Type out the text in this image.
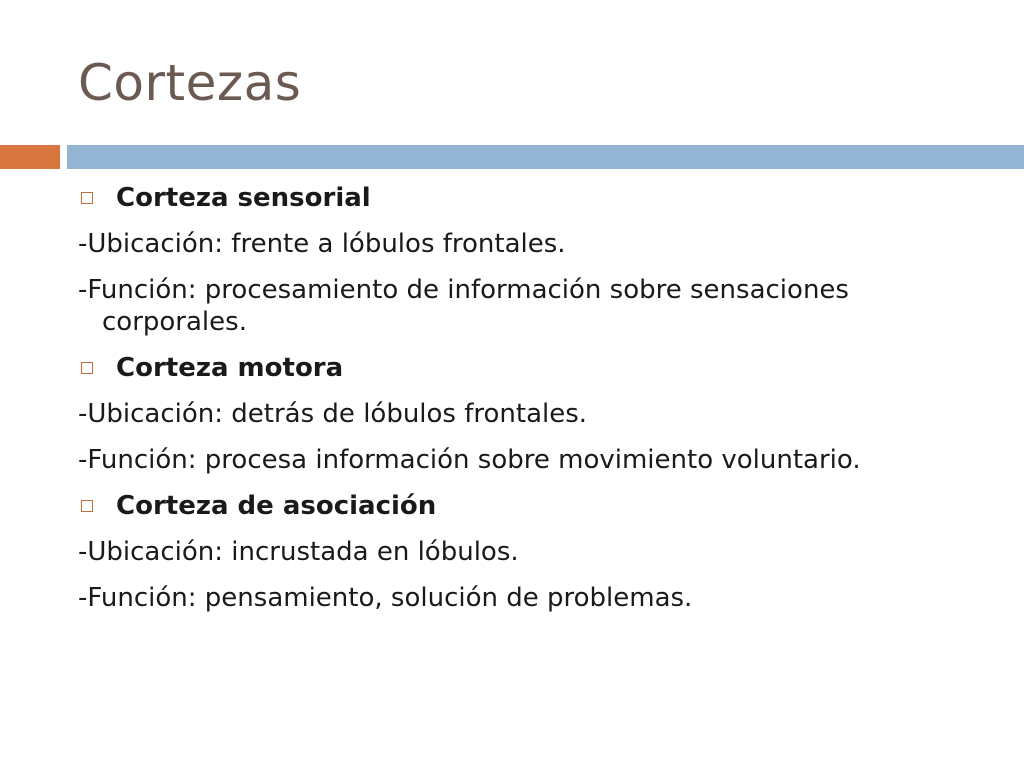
Cortezas
Corteza sensorial
-Ubicación: frente a lóbulos frontales.
-Función: procesamiento de información sobre sensaciones corporales.
Corteza motora
-Ubicación: detrás de lóbulos frontales.
-Función: procesa información sobre movimiento voluntario.
Corteza de asociación
-Ubicación: incrustada en lóbulos.
-Función: pensamiento, solución de problemas.
